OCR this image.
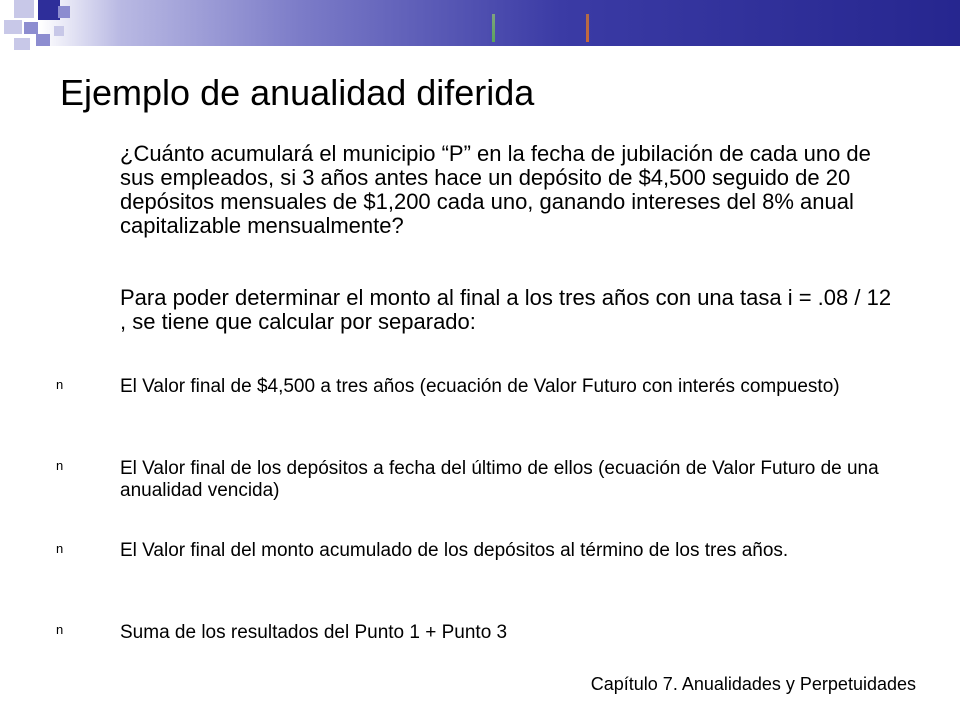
Ejemplo de anualidad diferida

¿Cuánto acumulará el municipio “P” en la fecha de jubilación de cada uno de sus empleados, si 3 años antes hace un depósito de $4,500 seguido de 20 depósitos mensuales de $1,200 cada uno, ganando intereses del 8% anual capitalizable mensualmente?

Para poder determinar el monto al final a los tres años con una tasa i = .08 / 12 , se tiene que calcular por separado:

n	El Valor final de $4,500 a tres años (ecuación de Valor Futuro con interés compuesto)

n	El Valor final de los depósitos a fecha del último de ellos (ecuación de Valor Futuro de una anualidad vencida)

n	El Valor final del monto acumulado de los depósitos al término de los tres años.

n	Suma de los resultados del Punto 1 + Punto 3

Capítulo 7. Anualidades y Perpetuidades
